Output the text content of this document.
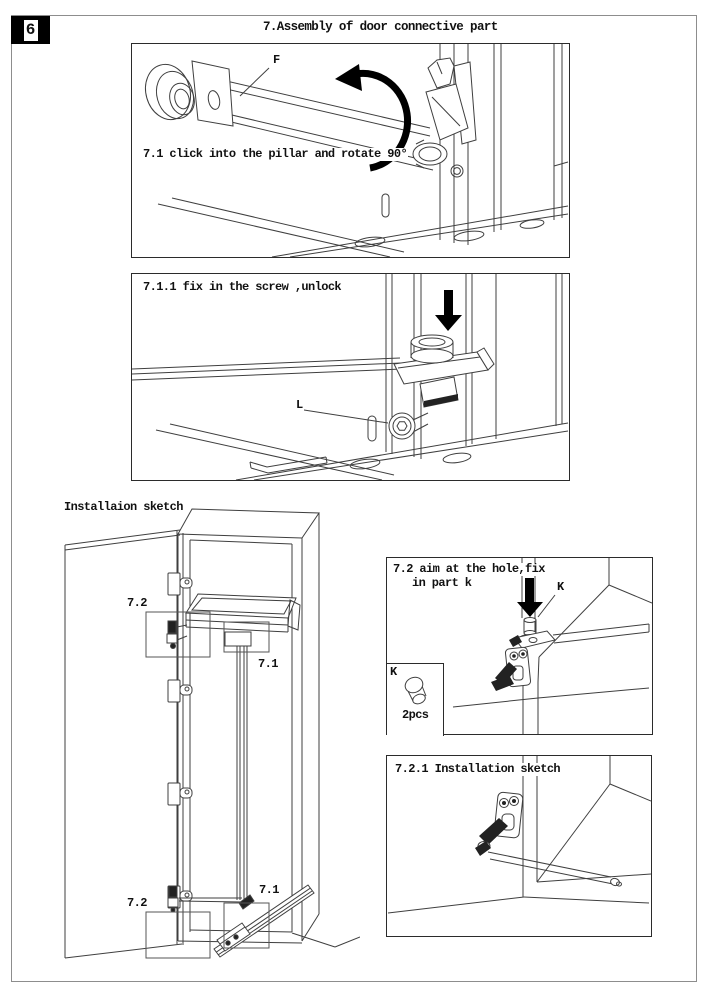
6	7.Assembly of door connective part
F
7.1 click into the pillar and rotate 90°
7.1.1 fix in the screw ,unlock
L
Installaion sketch
7.2
7.1
7.2
7.1
7.2 aim at the hole,fix
in part k	K
K
2pcs
7.2.1 Installation sketch
